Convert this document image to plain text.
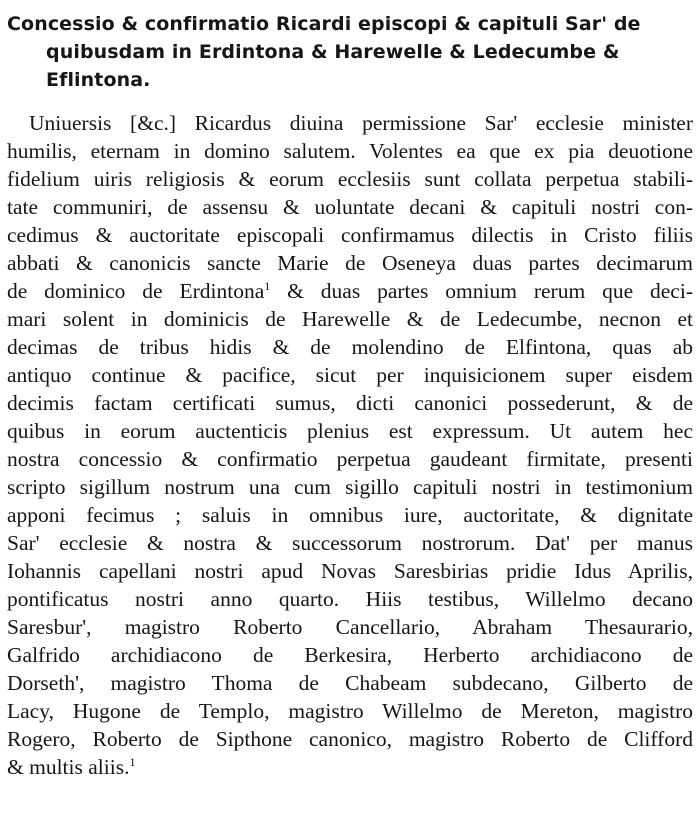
Concessio & confirmatio Ricardi episcopi & capituli Sar' de
quibusdam in Erdintona & Harewelle & Ledecumbe &
Eflintona.
Uniuersis [&c.] Ricardus diuina permissione Sar' ecclesie minister
humilis, eternam in domino salutem. Volentes ea que ex pia deuotione
fidelium uiris religiosis & eorum ecclesiis sunt collata perpetua stabili-
tate communiri, de assensu & uoluntate decani & capituli nostri con-
cedimus & auctoritate episcopali confirmamus dilectis in Cristo filiis
abbati & canonicis sancte Marie de Oseneya duas partes decimarum
de dominico de Erdintona$^1$ & duas partes omnium rerum que deci-
mari solent in dominicis de Harewelle & de Ledecumbe, necnon et
decimas de tribus hidis & de molendino de Elfintona, quas ab
antiquo continue & pacifice, sicut per inquisicionem super eisdem
decimis factam certificati sumus, dicti canonici possederunt, & de
quibus in eorum auctenticis plenius est expressum. Ut autem hec
nostra concessio & confirmatio perpetua gaudeant firmitate, presenti
scripto sigillum nostrum una cum sigillo capituli nostri in testimonium
apponi fecimus ; saluis in omnibus iure, auctoritate, & dignitate
Sar' ecclesie & nostra & successorum nostrorum. Dat' per manus
Iohannis capellani nostri apud Novas Saresbirias pridie Idus Aprilis,
pontificatus nostri anno quarto. Hiis testibus, Willelmo decano
Saresbur', magistro Roberto Cancellario, Abraham Thesaurario,
Galfrido archidiacono de Berkesira, Herberto archidiacono de
Dorseth', magistro Thoma de Chabeam subdecano, Gilberto de
Lacy, Hugone de Templo, magistro Willelmo de Mereton, magistro
Rogero, Roberto de Sipthone canonico, magistro Roberto de Clifford
& multis aliis.$^1$
